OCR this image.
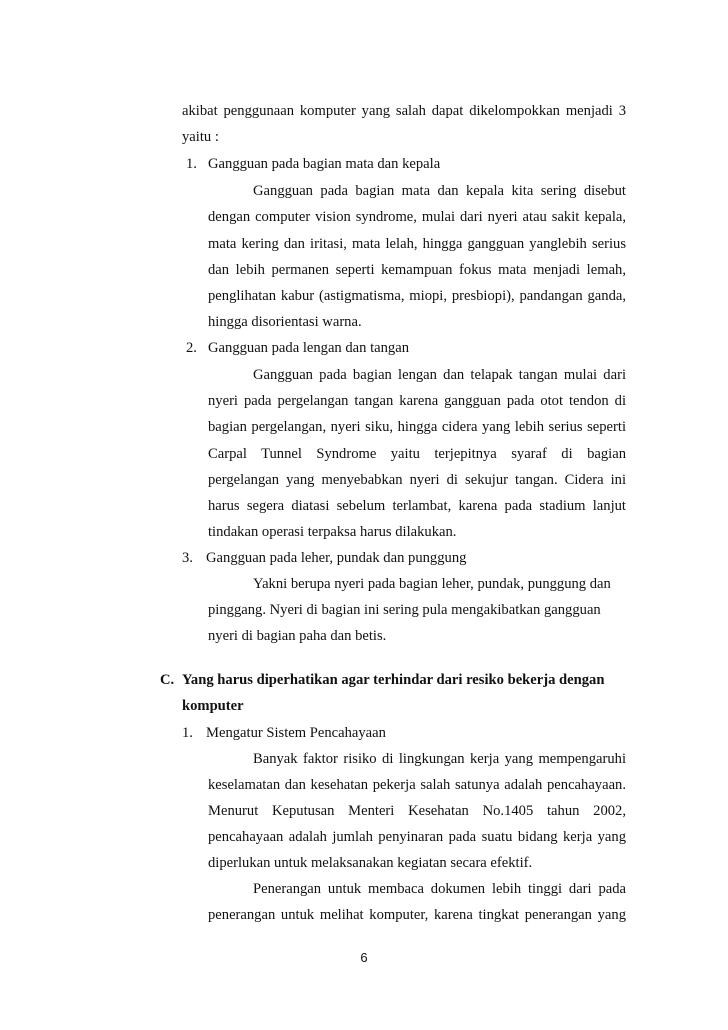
akibat penggunaan komputer yang salah dapat dikelompokkan menjadi 3
yaitu :
1. Gangguan pada bagian mata dan kepala
Gangguan pada bagian mata dan kepala kita sering disebut
dengan computer vision syndrome, mulai dari nyeri atau sakit kepala,
mata kering dan iritasi, mata lelah, hingga gangguan yanglebih serius
dan lebih permanen seperti kemampuan fokus mata menjadi lemah,
penglihatan kabur (astigmatisma, miopi, presbiopi), pandangan ganda,
hingga disorientasi warna.
2. Gangguan pada lengan dan tangan
Gangguan pada bagian lengan dan telapak tangan mulai dari
nyeri pada pergelangan tangan karena gangguan pada otot tendon di
bagian pergelangan, nyeri siku, hingga cidera yang lebih serius seperti
Carpal Tunnel Syndrome yaitu terjepitnya syaraf di bagian
pergelangan yang menyebabkan nyeri di sekujur tangan. Cidera ini
harus segera diatasi sebelum terlambat, karena pada stadium lanjut
tindakan operasi terpaksa harus dilakukan.
3. Gangguan pada leher, pundak dan punggung
Yakni berupa nyeri pada bagian leher, pundak, punggung dan
pinggang. Nyeri di bagian ini sering pula mengakibatkan gangguan
nyeri di bagian paha dan betis.
C. Yang harus diperhatikan agar terhindar dari resiko bekerja dengan
komputer
1. Mengatur Sistem Pencahayaan
Banyak faktor risiko di lingkungan kerja yang mempengaruhi
keselamatan dan kesehatan pekerja salah satunya adalah pencahayaan.
Menurut Keputusan Menteri Kesehatan No.1405 tahun 2002,
pencahayaan adalah jumlah penyinaran pada suatu bidang kerja yang
diperlukan untuk melaksanakan kegiatan secara efektif.
Penerangan untuk membaca dokumen lebih tinggi dari pada
penerangan untuk melihat komputer, karena tingkat penerangan yang
6
